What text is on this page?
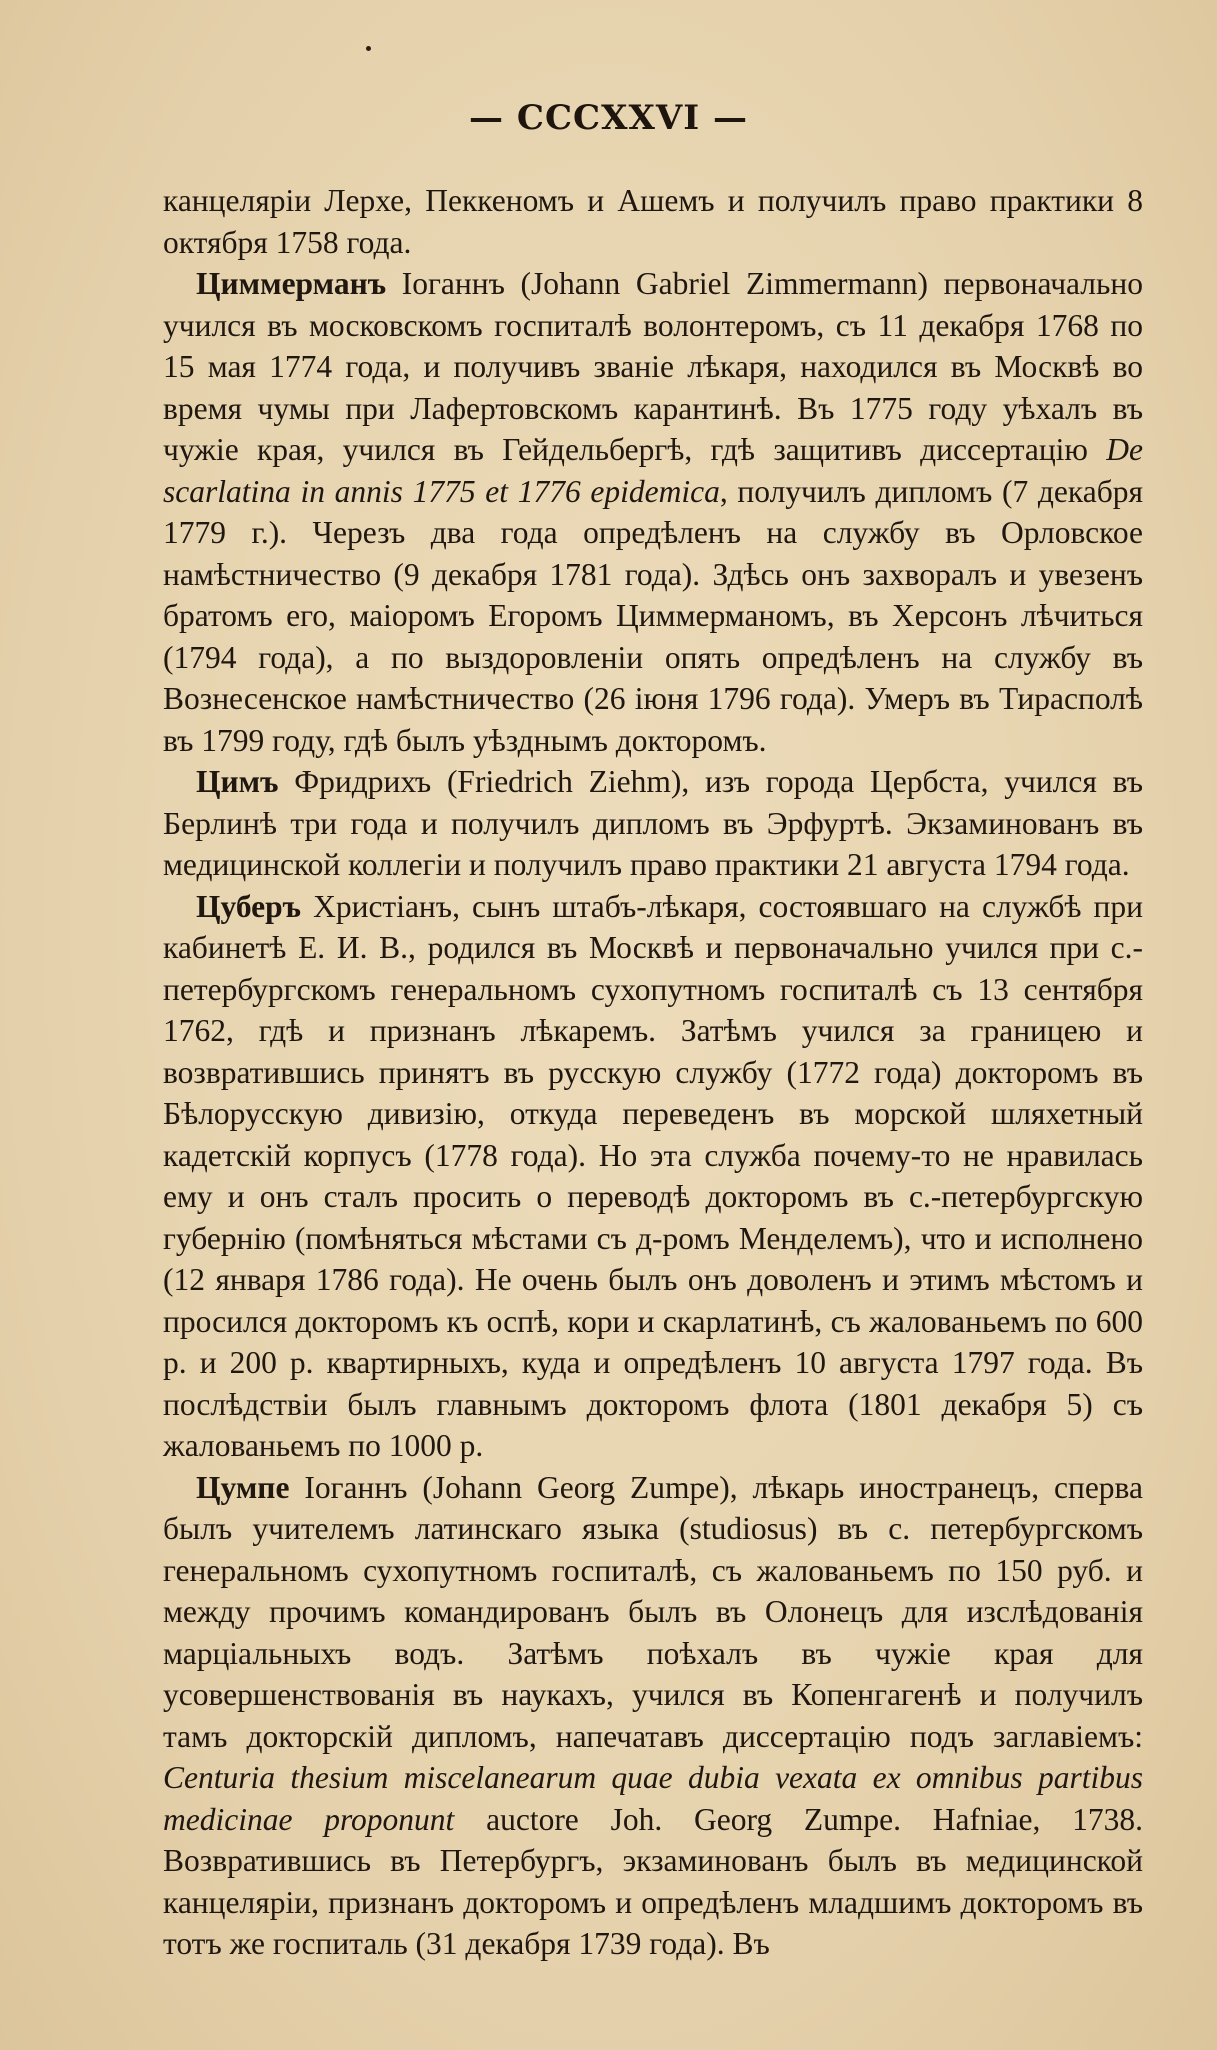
— CCCXXVI —

канцеляріи Лерхе, Пеккеномъ и Ашемъ и получилъ право практики 8 октября 1758 года.

Циммерманъ Іоганнъ (Johann Gabriel Zimmermann) первоначально учился въ московскомъ госпиталѣ волонтеромъ, съ 11 декабря 1768 по 15 мая 1774 года, и получивъ званіе лѣкаря, находился въ Москвѣ во время чумы при Лафертовскомъ карантинѣ. Въ 1775 году уѣхалъ въ чужіе края, учился въ Гейдельбергѣ, гдѣ защитивъ диссертацію De scarlatina in annis 1775 et 1776 epidemica, получилъ дипломъ (7 декабря 1779 г.). Черезъ два года опредѣленъ на службу въ Орловское намѣстничество (9 декабря 1781 года). Здѣсь онъ захворалъ и увезенъ братомъ его, маіоромъ Егоромъ Циммерманомъ, въ Херсонъ лѣчиться (1794 года), а по выздоровленіи опять опредѣленъ на службу въ Вознесенское намѣстничество (26 іюня 1796 года). Умеръ въ Тирасполѣ въ 1799 году, гдѣ былъ уѣзднымъ докторомъ.

Цимъ Фридрихъ (Friedrich Ziehm), изъ города Цербста, учился въ Берлинѣ три года и получилъ дипломъ въ Эрфуртѣ. Экзаминованъ въ медицинской коллегіи и получилъ право практики 21 августа 1794 года.

Цуберъ Христіанъ, сынъ штабъ-лѣкаря, состоявшаго на службѣ при кабинетѣ Е. И. В., родился въ Москвѣ и первоначально учился при с.-петербургскомъ генеральномъ сухопутномъ госпиталѣ съ 13 сентября 1762, гдѣ и признанъ лѣкаремъ. Затѣмъ учился за границею и возвратившись принятъ въ русскую службу (1772 года) докторомъ въ Бѣлорусскую дивизію, откуда переведенъ въ морской шляхетный кадетскій корпусъ (1778 года). Но эта служба почему-то не нравилась ему и онъ сталъ просить о переводѣ докторомъ въ с.-петербургскую губернію (помѣняться мѣстами съ д-ромъ Менделемъ), что и исполнено (12 января 1786 года). Не очень былъ онъ доволенъ и этимъ мѣстомъ и просился докторомъ къ оспѣ, кори и скарлатинѣ, съ жалованьемъ по 600 р. и 200 р. квартирныхъ, куда и опредѣленъ 10 августа 1797 года. Въ послѣдствіи былъ главнымъ докторомъ флота (1801 декабря 5) съ жалованьемъ по 1000 р.

Цумпе Іоганнъ (Johann Georg Zumpe), лѣкарь иностранецъ, сперва былъ учителемъ латинскаго языка (studiosus) въ с. петербургскомъ генеральномъ сухопутномъ госпиталѣ, съ жалованьемъ по 150 руб. и между прочимъ командированъ былъ въ Олонецъ для изслѣдованія марціальныхъ водъ. Затѣмъ поѣхалъ въ чужіе края для усовершенствованія въ наукахъ, учился въ Копенгагенѣ и получилъ тамъ докторскій дипломъ, напечатавъ диссертацію подъ заглавіемъ: Centuria thesium miscelanearum quae dubia vexata ex omnibus partibus medicinae proponunt auctore Joh. Georg Zumpe. Hafniae, 1738. Возвратившись въ Петербургъ, экзаминованъ былъ въ медицинской канцеляріи, признанъ докторомъ и опредѣленъ младшимъ докторомъ въ тотъ же госпиталь (31 декабря 1739 года). Въ
